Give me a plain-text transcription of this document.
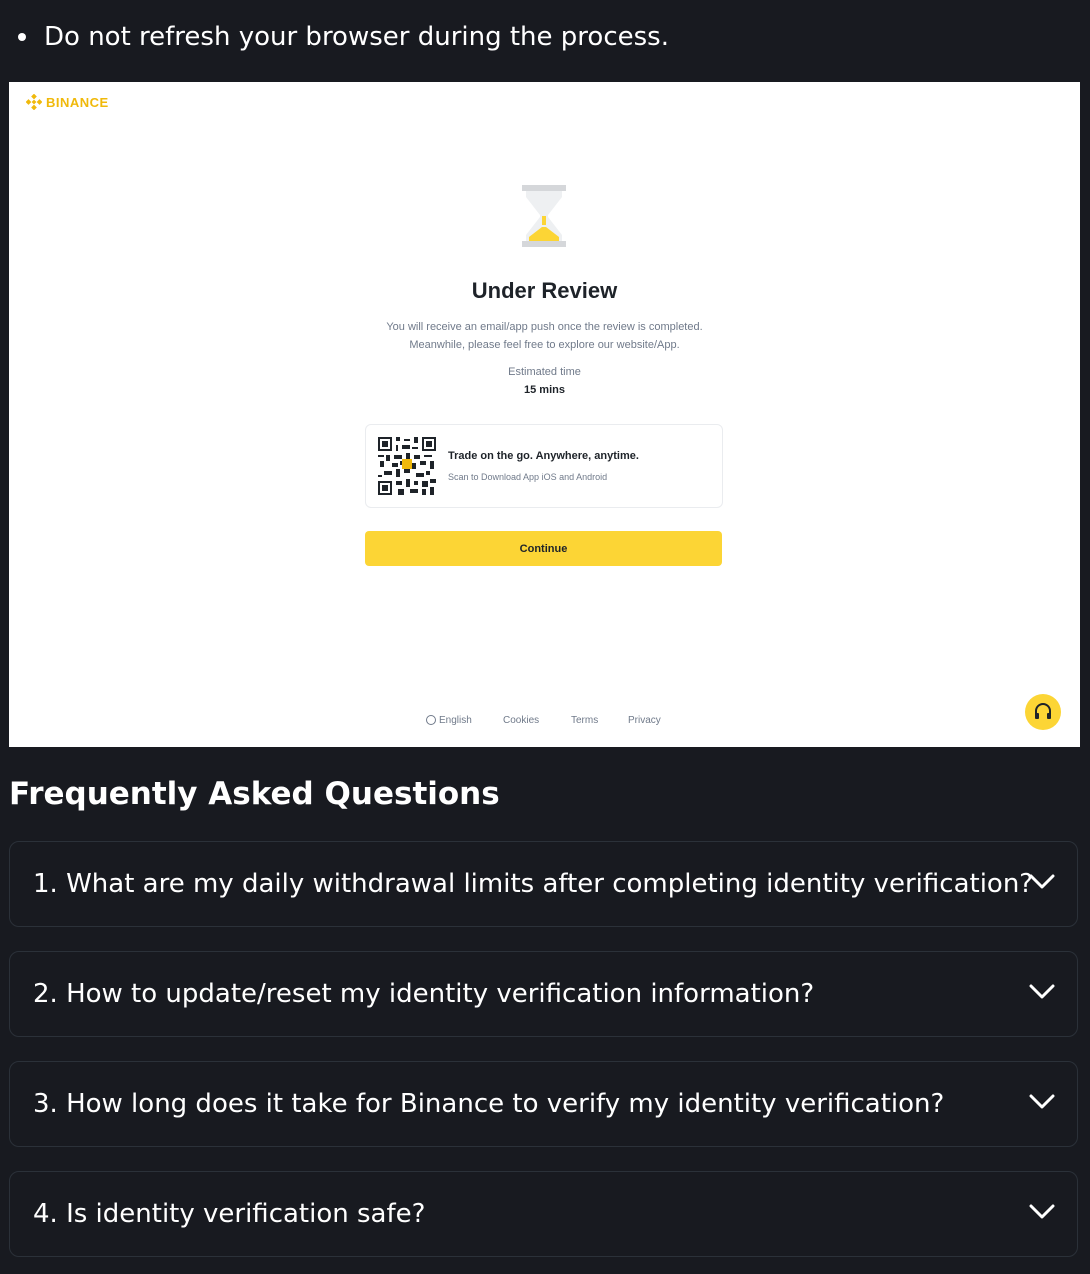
Do not refresh your browser during the process.
BINANCE
Under Review
You will receive an email/app push once the review is completed.
Meanwhile, please feel free to explore our website/App.
Estimated time
15 mins
Trade on the go. Anywhere, anytime.
Scan to Download App iOS and Android
Continue
English	Cookies	Terms	Privacy
Frequently Asked Questions
1. What are my daily withdrawal limits after completing identity verification?
2. How to update/reset my identity verification information?
3. How long does it take for Binance to verify my identity verification?
4. Is identity verification safe?
